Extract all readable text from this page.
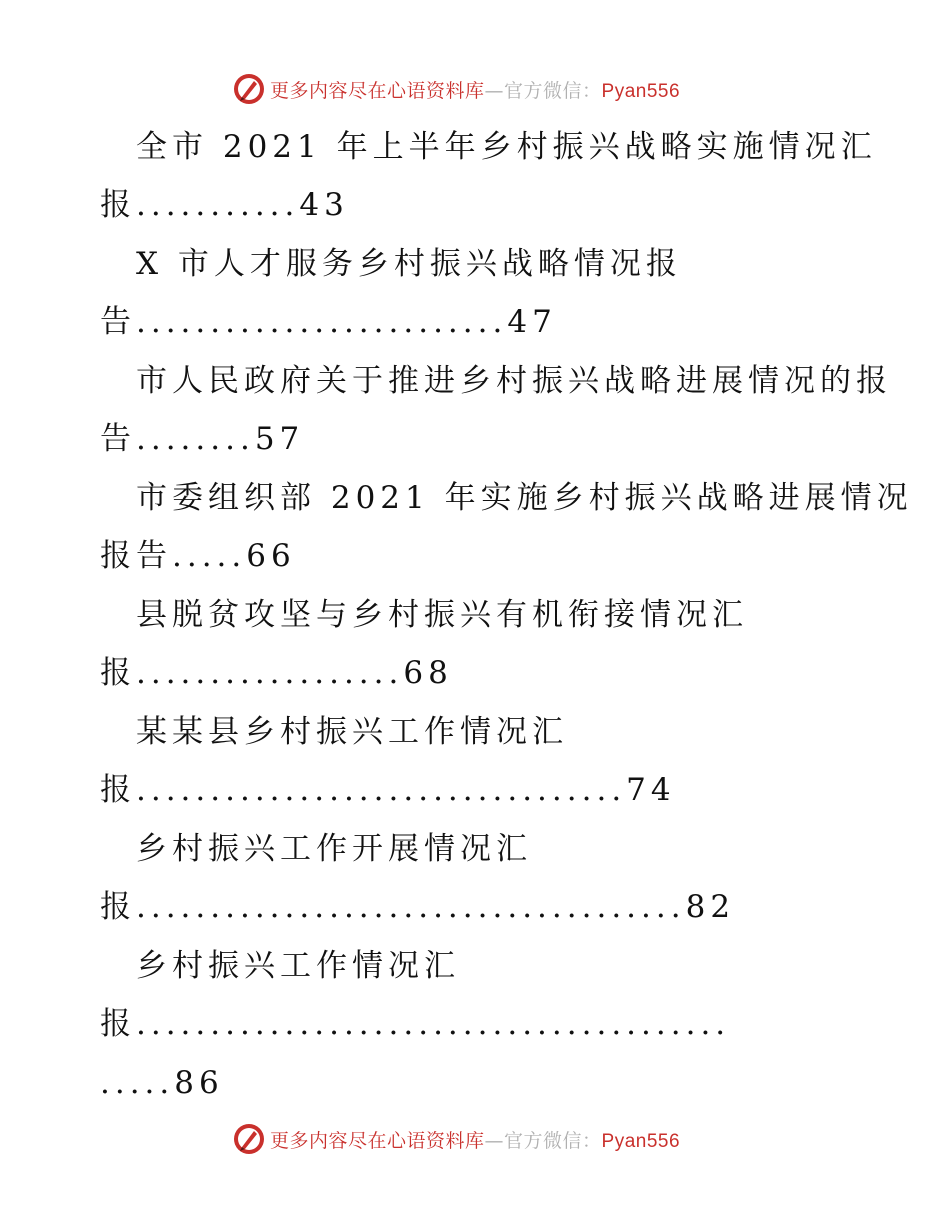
更多内容尽在心语资料库—官方微信：Pyan556
全市 2021 年上半年乡村振兴战略实施情况汇
报...........43
X 市人才服务乡村振兴战略情况报
告.........................47
市人民政府关于推进乡村振兴战略进展情况的报
告........57
市委组织部 2021 年实施乡村振兴战略进展情况
报告.....66
县脱贫攻坚与乡村振兴有机衔接情况汇
报..................68
某某县乡村振兴工作情况汇
报.................................74
乡村振兴工作开展情况汇
报.....................................82
乡村振兴工作情况汇
报........................................
.....86
更多内容尽在心语资料库—官方微信：Pyan556
